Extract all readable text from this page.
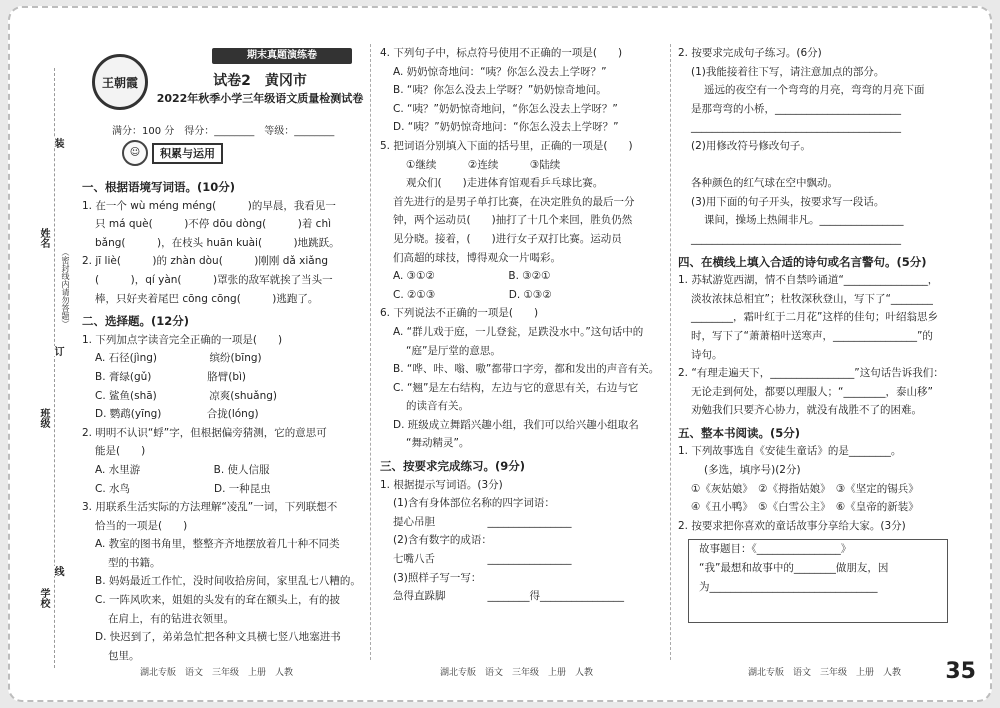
姓名
班级
学校
装
订
线
（密封线内请勿答题）
期末真题演练卷
王朝霞	试卷2　黄冈市
2022年秋季小学三年级语文质量检测试卷
满分：100 分　得分：________　等级：________
☺	积累与运用

一、根据语境写词语。(10分)

1. 在一个 wù méng méng(　　　)的早晨，我看见一

只 má què(　　　)不停 dōu dòng(　　　)着 chì

bǎng(　　　)，在枝头 huān kuài(　　　)地跳跃。

2. jī liè(　　　)的 zhàn dòu(　　　)刚刚 dǎ xiǎng

(　　　)，qí yàn(　　　)罩张的敌军就挨了当头一

棒，只好夹着尾巴 cōng cōng(　　　)逃跑了。

二、选择题。(12分)

1. 下列加点字读音完全正确的一项是(　　)

A. 石径(jìng)　　　　　缤纷(bīng)

B. 膏绿(gǔ)　　　　　 胳臂(bì)

C. 鲨鱼(shā)　　　　　凉爽(shuǎng)

D. 鹦鹉(yīng)　　　　 合拢(lóng)

2. 明明不认识“蜉”字，但根据偏旁猜测，它的意思可

能是(　　)

A. 水里游　　　　　　　B. 使人信服

C. 水鸟　　　　　　　　D. 一种昆虫

3. 用联系生活实际的方法理解“凌乱”一词，下列联想不

恰当的一项是(　　)

A. 教室的图书角里，整整齐齐地摆放着几十种不同类

型的书籍。

B. 妈妈最近工作忙，没时间收拾房间，家里乱七八糟的。

C. 一阵风吹来，姐姐的头发有的耷在额头上，有的披

在肩上，有的钻进衣领里。

D. 快迟到了，弟弟急忙把各种文具横七竖八地塞进书

包里。

4. 下列句子中，标点符号使用不正确的一项是(　　)

A. 奶奶惊奇地问：“咦？你怎么没去上学呀？”

B. “咦？你怎么没去上学呀？”奶奶惊奇地问。

C. “咦？”奶奶惊奇地问，“你怎么没去上学呀？”

D. “咦？”奶奶惊奇地问：“你怎么没去上学呀？”

5. 把词语分别填入下面的括号里，正确的一项是(　　)

①继续　　　②连续　　　③陆续

观众们(　　)走进体育馆观看乒乓球比赛。

首先进行的是男子单打比赛，在决定胜负的最后一分

钟，两个运动员(　　)抽打了十几个来回，胜负仍然

见分晓。接着，(　　)进行女子双打比赛。运动员

们高超的球技，博得观众一片喝彩。

A. ③①②　　　　　　　B. ③②①

C. ②①③　　　　　　　D. ①③②

6. 下列说法不正确的一项是(　　)

A. “群儿戏于庭，一儿登瓮，足跌没水中。”这句话中的

“庭”是厅堂的意思。

B. “哗、咔、嗡、嗷”都带口字旁，都和发出的声音有关。

C. “翘”是左右结构，左边与它的意思有关，右边与它

的读音有关。

D. 班级成立舞蹈兴趣小组，我们可以给兴趣小组取名

“舞动精灵”。

三、按要求完成练习。(9分)

1. 根据提示写词语。(3分)

(1)含有身体部位名称的四字词语：

提心吊胆　　　　　________________

(2)含有数字的成语：

七嘴八舌　　　　　________________

(3)照样子写一写：

急得直跺脚　　　　________得________________

2. 按要求完成句子练习。(6分)

(1)我能接着往下写，请注意加点的部分。

遥远的夜空有一个弯弯的月亮，弯弯的月亮下面

是那弯弯的小桥，________________________

________________________________________

(2)用修改符号修改句子。

各种颜色的红气球在空中飘动。

(3)用下面的句子开头，按要求写一段话。

课间，操场上热闹非凡。________________

________________________________________

四、在横线上填入合适的诗句或名言警句。(5分)

1. 苏轼游览西湖，情不自禁吟诵道“________________，

淡妆浓抹总相宜”；杜牧深秋登山，写下了“________

________，霜叶红于二月花”这样的佳句；叶绍翁思乡

时，写下了“萧萧梧叶送寒声，________________”的

诗句。

2. “有理走遍天下，________________”这句话告诉我们：

无论走到何处，都要以理服人；“________，泰山移”

劝勉我们只要齐心协力，就没有战胜不了的困难。

五、整本书阅读。(5分)

1. 下列故事选自《安徒生童话》的是________。

(多选，填序号)(2分)

①《灰姑娘》　②《拇指姑娘》　③《坚定的锡兵》

④《丑小鸭》　⑤《白雪公主》　⑥《皇帝的新装》

2. 按要求把你喜欢的童话故事分享给大家。(3分)

故事题目：《________________》

“我”最想和故事中的________做朋友，因

为________________________________

湖北专版　语文　三年级　上册　人教	湖北专版　语文　三年级　上册　人教	湖北专版　语文　三年级　上册　人教 35
